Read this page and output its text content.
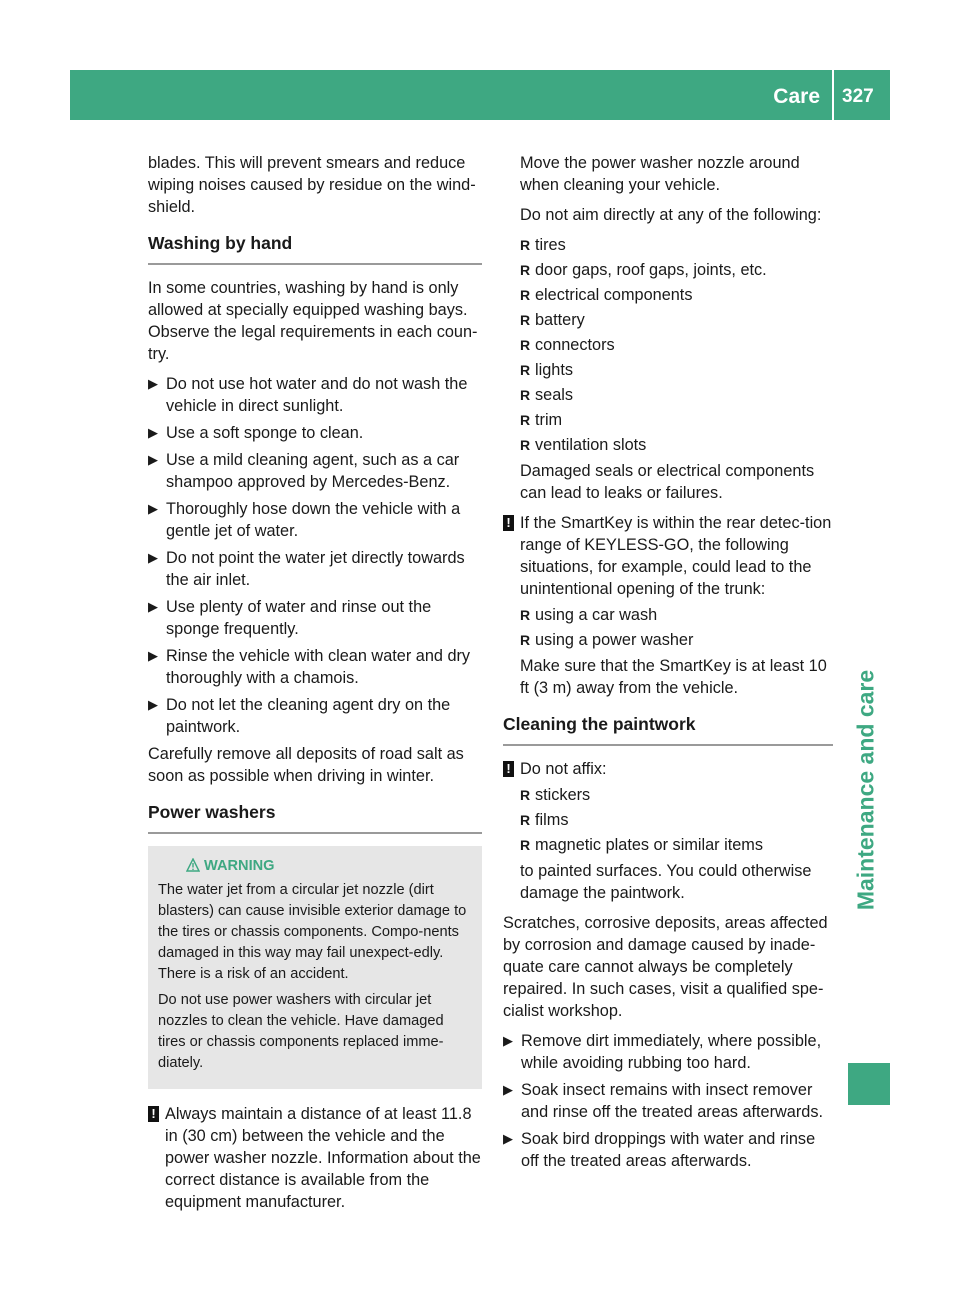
Care 327
Maintenance and care

blades. This will prevent smears and reduce wiping noises caused by residue on the wind-shield.

Washing by hand

In some countries, washing by hand is only allowed at specially equipped washing bays. Observe the legal requirements in each coun-try.

▶ Do not use hot water and do not wash the vehicle in direct sunlight.
▶ Use a soft sponge to clean.
▶ Use a mild cleaning agent, such as a car shampoo approved by Mercedes-Benz.
▶ Thoroughly hose down the vehicle with a gentle jet of water.
▶ Do not point the water jet directly towards the air inlet.
▶ Use plenty of water and rinse out the sponge frequently.
▶ Rinse the vehicle with clean water and dry thoroughly with a chamois.
▶ Do not let the cleaning agent dry on the paintwork.

Carefully remove all deposits of road salt as soon as possible when driving in winter.

Power washers
WARNING

The water jet from a circular jet nozzle (dirt blasters) can cause invisible exterior damage to the tires or chassis components. Compo-nents damaged in this way may fail unexpect-edly. There is a risk of an accident.

Do not use power washers with circular jet nozzles to clean the vehicle. Have damaged tires or chassis components replaced imme-diately.

! Always maintain a distance of at least 11.8 in (30 cm) between the vehicle and the power washer nozzle. Information about the correct distance is available from the equipment manufacturer.

Move the power washer nozzle around when cleaning your vehicle.

Do not aim directly at any of the following:

R tires
R door gaps, roof gaps, joints, etc.
R electrical components
R battery
R connectors
R lights
R seals
R trim
R ventilation slots

Damaged seals or electrical components can lead to leaks or failures.

! If the SmartKey is within the rear detec-tion range of KEYLESS-GO, the following situations, for example, could lead to the unintentional opening of the trunk:
R using a car wash
R using a power washer

Make sure that the SmartKey is at least 10 ft (3 m) away from the vehicle.

Cleaning the paintwork
! Do not affix:
R stickers
R films
R magnetic plates or similar items

to painted surfaces. You could otherwise damage the paintwork.

Scratches, corrosive deposits, areas affected by corrosion and damage caused by inade-quate care cannot always be completely repaired. In such cases, visit a qualified spe-cialist workshop.

▶ Remove dirt immediately, where possible, while avoiding rubbing too hard.
▶ Soak insect remains with insect remover and rinse off the treated areas afterwards.
▶ Soak bird droppings with water and rinse off the treated areas afterwards.
